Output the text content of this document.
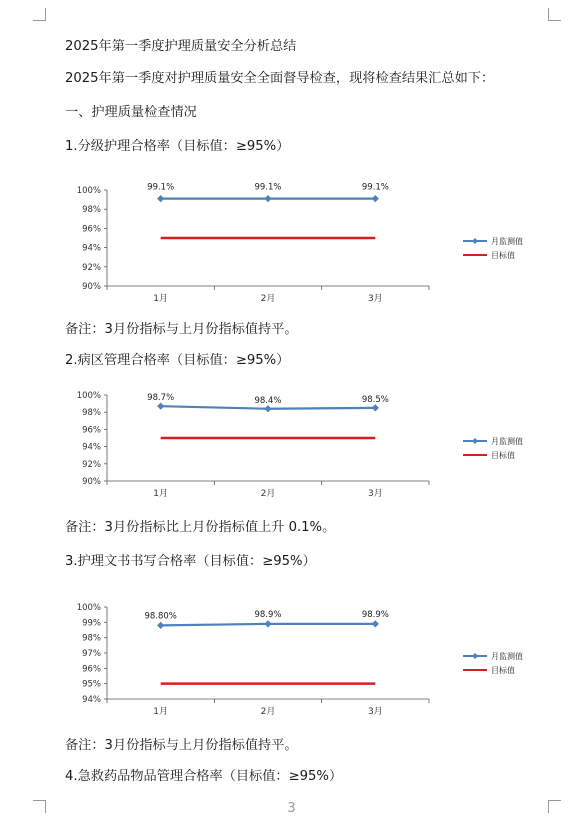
2025年第一季度护理质量安全分析总结
2025年第一季度对护理质量安全全面督导检查，现将检查结果汇总如下：
一、护理质量检查情况
1.分级护理合格率（目标值：≥95%）
90%
92%
94%
96%
98%
100%
1月	2月	3月
99.1%	99.1%	99.1%
月监测值
目标值
备注：3月份指标与上月份指标值持平。
2.病区管理合格率（目标值：≥95%）
90%
92%
94%
96%
98%
100%
1月	2月	3月
98.7%	98.4%	98.5%
月监测值
目标值
备注：3月份指标比上月份指标值上升 0.1%。
3.护理文书书写合格率（目标值：≥95%）
94%
95%
96%
97%
98%
99%
100%
1月	2月	3月
98.80%	98.9%	98.9%
月监测值
目标值
备注：3月份指标与上月份指标值持平。
4.急救药品物品管理合格率（目标值：≥95%）
3
